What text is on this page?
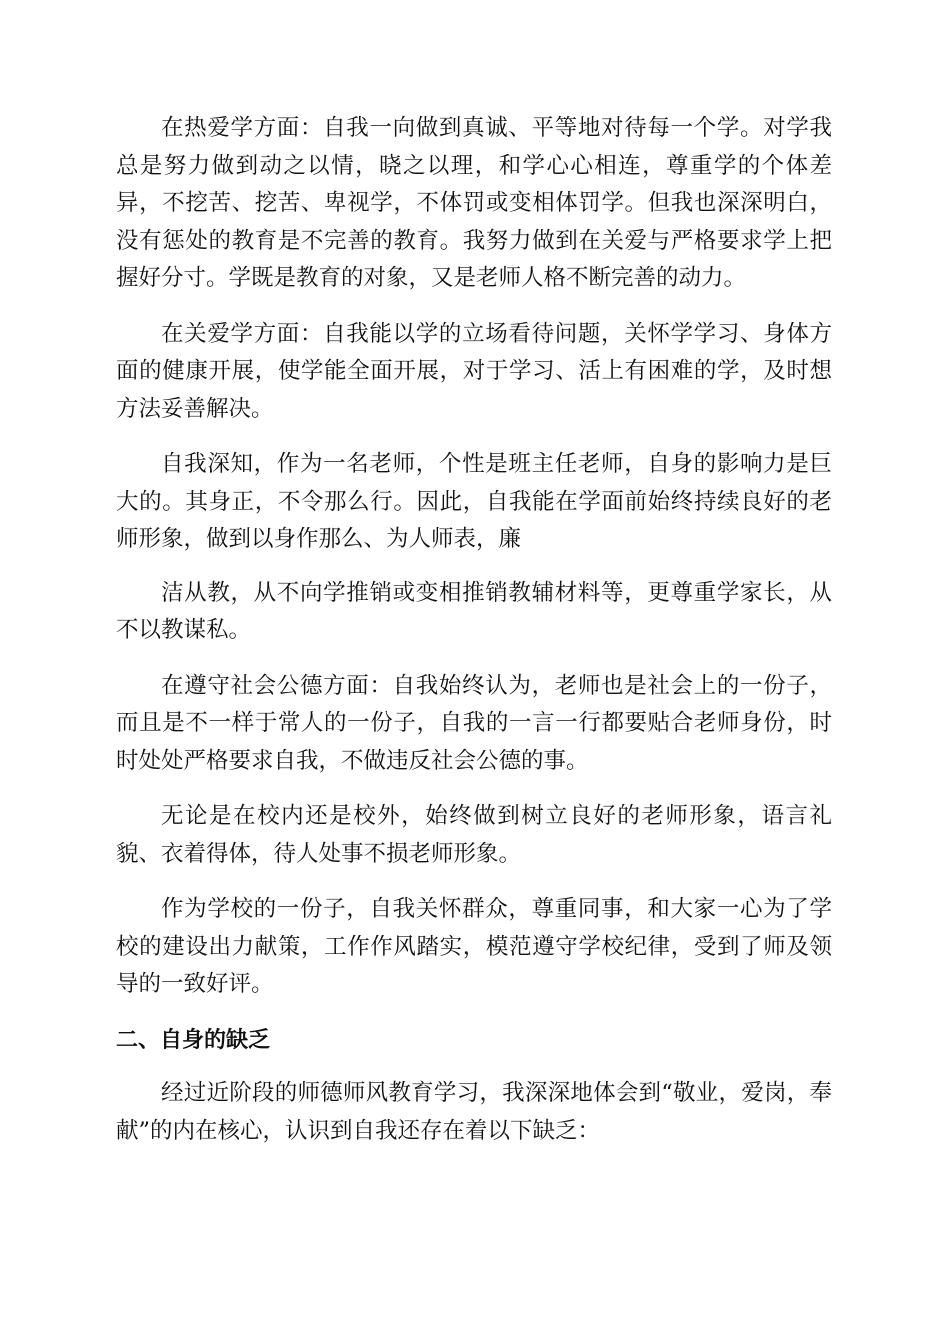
在热爱学方面：自我一向做到真诚、平等地对待每一个学。对学我总是努力做到动之以情，晓之以理，和学心心相连，尊重学的个体差异，不挖苦、挖苦、卑视学，不体罚或变相体罚学。但我也深深明白，没有惩处的教育是不完善的教育。我努力做到在关爱与严格要求学上把握好分寸。学既是教育的对象，又是老师人格不断完善的动力。

在关爱学方面：自我能以学的立场看待问题，关怀学学习、身体方面的健康开展，使学能全面开展，对于学习、活上有困难的学，及时想方法妥善解决。

自我深知，作为一名老师，个性是班主任老师，自身的影响力是巨大的。其身正，不令那么行。因此，自我能在学面前始终持续良好的老师形象，做到以身作那么、为人师表，廉

洁从教，从不向学推销或变相推销教辅材料等，更尊重学家长，从不以教谋私。

在遵守社会公德方面：自我始终认为，老师也是社会上的一份子，而且是不一样于常人的一份子，自我的一言一行都要贴合老师身份，时时处处严格要求自我，不做违反社会公德的事。

无论是在校内还是校外，始终做到树立良好的老师形象，语言礼貌、衣着得体，待人处事不损老师形象。

作为学校的一份子，自我关怀群众，尊重同事，和大家一心为了学校的建设出力献策，工作作风踏实，模范遵守学校纪律，受到了师及领导的一致好评。

二、自身的缺乏

经过近阶段的师德师风教育学习，我深深地体会到“敬业，爱岗，奉献”的内在核心，认识到自我还存在着以下缺乏：
